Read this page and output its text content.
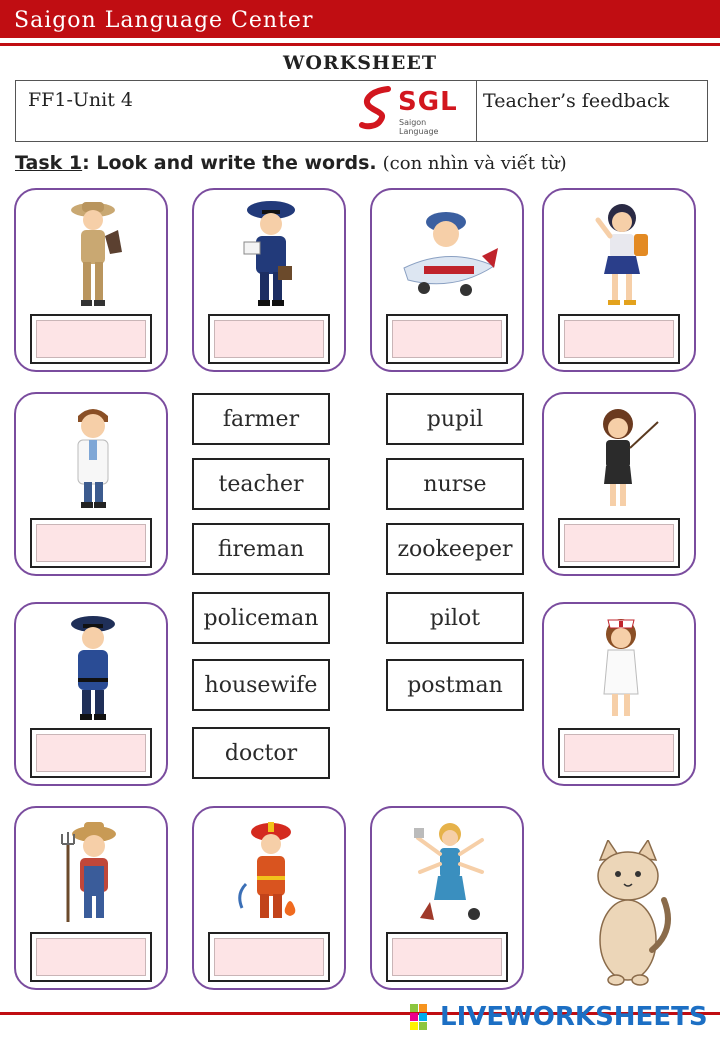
Saigon Language Center
WORKSHEET
FF1-Unit 4	SGL
Saigon Language
Teacher’s feedback
Task 1: Look and write the words. (con nhìn và viết từ)
farmer
teacher
fireman
policeman
housewife
doctor
pupil
nurse
zookeeper
pilot
postman
LIVEWORKSHEETS
